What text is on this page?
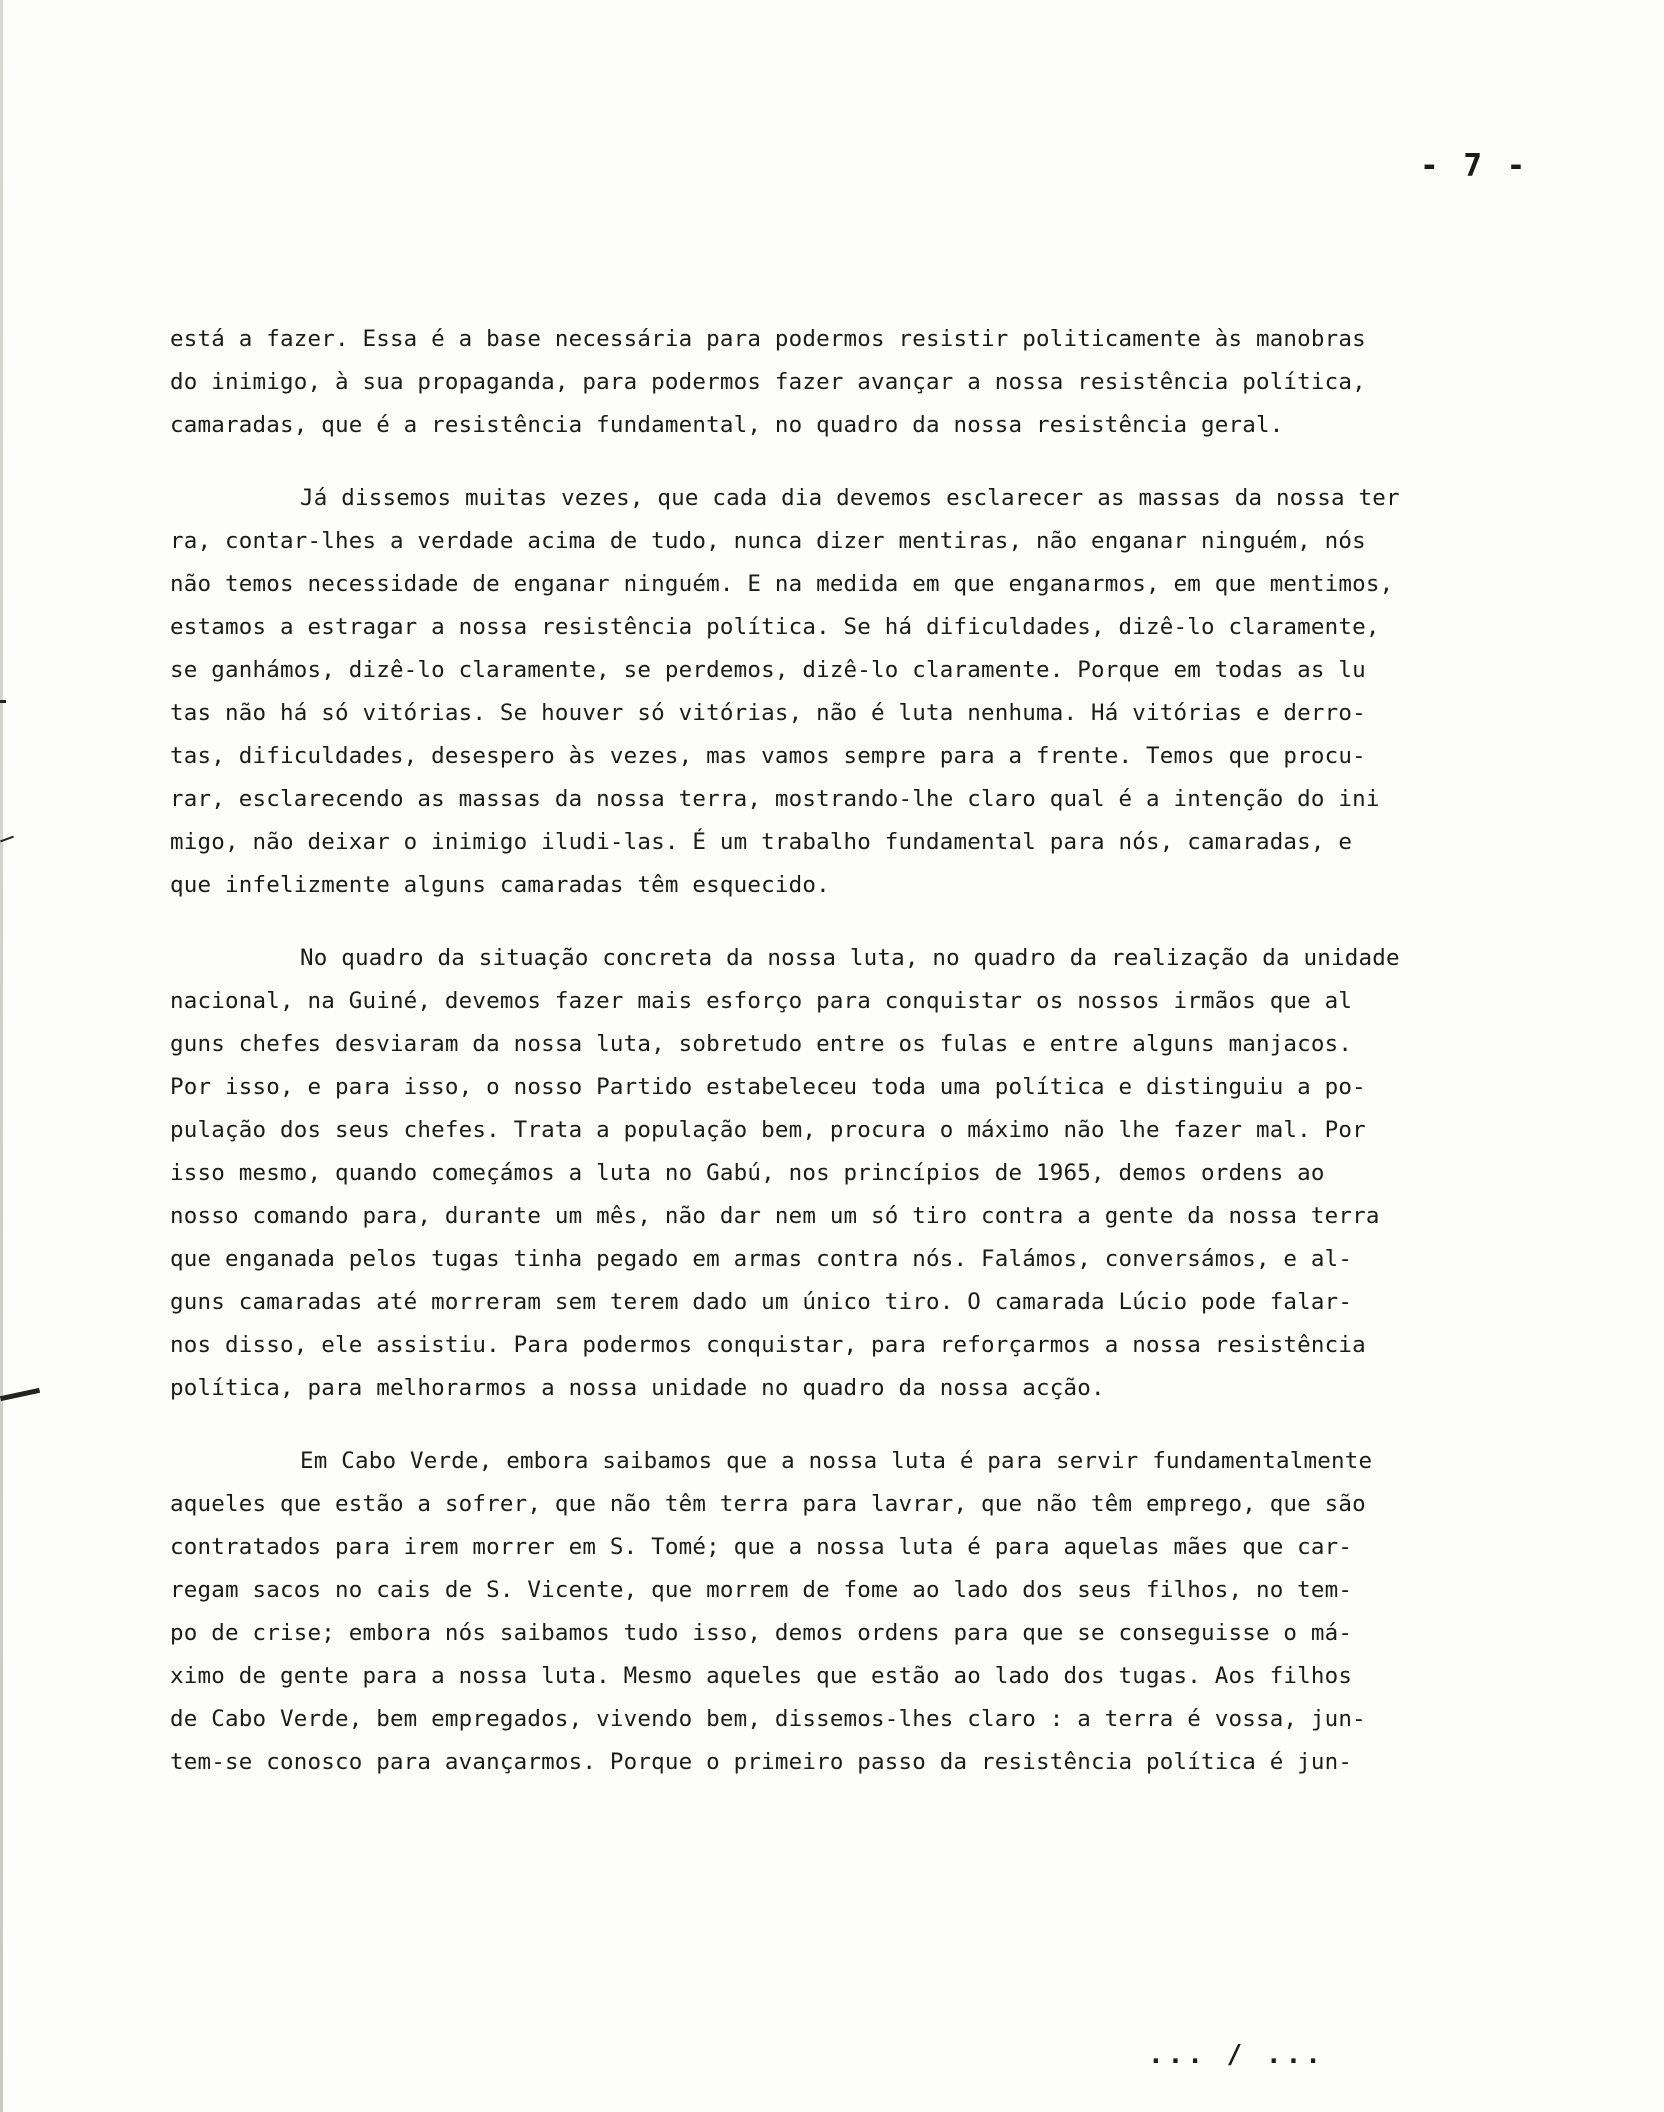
- 7 -
está a fazer. Essa é a base necessária para podermos resistir politicamente às manobras
do inimigo, à sua propaganda, para podermos fazer avançar a nossa resistência política,
camaradas, que é a resistência fundamental, no quadro da nossa resistência geral.
Já dissemos muitas vezes, que cada dia devemos esclarecer as massas da nossa ter
ra, contar-lhes a verdade acima de tudo, nunca dizer mentiras, não enganar ninguém, nós
não temos necessidade de enganar ninguém. E na medida em que enganarmos, em que mentimos,
estamos a estragar a nossa resistência política. Se há dificuldades, dizê-lo claramente,
se ganhámos, dizê-lo claramente, se perdemos, dizê-lo claramente. Porque em todas as lu
tas não há só vitórias. Se houver só vitórias, não é luta nenhuma. Há vitórias e derro-
tas, dificuldades, desespero às vezes, mas vamos sempre para a frente. Temos que procu-
rar, esclarecendo as massas da nossa terra, mostrando-lhe claro qual é a intenção do ini
migo, não deixar o inimigo iludi-las. É um trabalho fundamental para nós, camaradas, e
que infelizmente alguns camaradas têm esquecido.
No quadro da situação concreta da nossa luta, no quadro da realização da unidade
nacional, na Guiné, devemos fazer mais esforço para conquistar os nossos irmãos que al
guns chefes desviaram da nossa luta, sobretudo entre os fulas e entre alguns manjacos.
Por isso, e para isso, o nosso Partido estabeleceu toda uma política e distinguiu a po-
pulação dos seus chefes. Trata a população bem, procura o máximo não lhe fazer mal. Por
isso mesmo, quando começámos a luta no Gabú, nos princípios de 1965, demos ordens ao
nosso comando para, durante um mês, não dar nem um só tiro contra a gente da nossa terra
que enganada pelos tugas tinha pegado em armas contra nós. Falámos, conversámos, e al-
guns camaradas até morreram sem terem dado um único tiro. O camarada Lúcio pode falar-
nos disso, ele assistiu. Para podermos conquistar, para reforçarmos a nossa resistência
política, para melhorarmos a nossa unidade no quadro da nossa acção.
Em Cabo Verde, embora saibamos que a nossa luta é para servir fundamentalmente
aqueles que estão a sofrer, que não têm terra para lavrar, que não têm emprego, que são
contratados para irem morrer em S. Tomé; que a nossa luta é para aquelas mães que car-
regam sacos no cais de S. Vicente, que morrem de fome ao lado dos seus filhos, no tem-
po de crise; embora nós saibamos tudo isso, demos ordens para que se conseguisse o má-
ximo de gente para a nossa luta. Mesmo aqueles que estão ao lado dos tugas. Aos filhos
de Cabo Verde, bem empregados, vivendo bem, dissemos-lhes claro : a terra é vossa, jun-
tem-se conosco para avançarmos. Porque o primeiro passo da resistência política é jun-
... / ...
